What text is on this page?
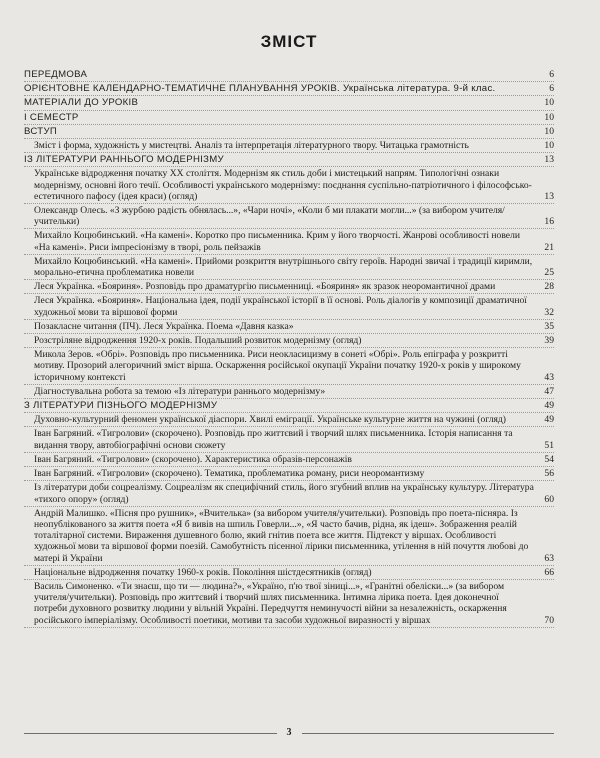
ЗМІСТ
ПЕРЕДМОВА	6
ОРІЄНТОВНЕ КАЛЕНДАРНО-ТЕМАТИЧНЕ ПЛАНУВАННЯ УРОКІВ. Українська література. 9-й клас.	6
МАТЕРІАЛИ ДО УРОКІВ	10
І СЕМЕСТР	10
ВСТУП	10
Зміст і форма, художність у мистецтві. Аналіз та інтерпретація літературного твору. Читацька грамотність	10
ІЗ ЛІТЕРАТУРИ РАННЬОГО МОДЕРНІЗМУ	13
Українське відродження початку ХХ століття. Модернізм як стиль доби і мистецький напрям. Типологічні ознаки модернізму, основні його течії. Особливості українського модернізму: поєднання суспільно-патріотичного і філософсько-естетичного пафосу (ідея краси) (огляд)	13
Олександр Олесь. «З журбою радість обнялась...», «Чари ночі», «Коли б ми плакати могли...» (за вибором учителя/учительки)	16
Михайло Коцюбинський. «На камені». Коротко про письменника. Крим у його творчості. Жанрові особливості новели «На камені». Риси імпресіонізму в творі, роль пейзажів	21
Михайло Коцюбинський. «На камені». Прийоми розкриття внутрішнього світу героїв. Народні звичаї і традиції киримли, морально-етична проблематика новели	25
Леся Українка. «Бояриня». Розповідь про драматургію письменниці. «Бояриня» як зразок неоромантичної драми	28
Леся Українка. «Бояриня». Національна ідея, події української історії в її основі. Роль діалогів у композиції драматичної художньої мови та віршової форми	32
Позакласне читання (ПЧ). Леся Українка. Поема «Давня казка»	35
Розстріляне відродження 1920-х років. Подальший розвиток модернізму (огляд)	39
Микола Зеров. «Обрі». Розповідь про письменника. Риси неокласицизму в сонеті «Обрі». Роль епіграфа у розкритті мотиву. Прозорий алегоричний зміст вірша. Оскарження російської окупації України початку 1920-х років у широкому історичному контексті	43
Діагностувальна робота за темою «Із літератури раннього модернізму»	47
З ЛІТЕРАТУРИ ПІЗНЬОГО МОДЕРНІЗМУ	49
Духовно-культурний феномен української діаспори. Хвилі еміграції. Українське культурне життя на чужині (огляд)	49
Іван Багряний. «Тигролови» (скорочено). Розповідь про життєвий і творчий шлях письменника. Історія написання та видання твору, автобіографічні основи сюжету	51
Іван Багряний. «Тигролови» (скорочено). Характеристика образів-персонажів	54
Іван Багряний. «Тигролови» (скорочено). Тематика, проблематика роману, риси неоромантизму	56
Із літератури доби соцреалізму. Соцреалізм як специфічний стиль, його згубний вплив на українську культуру. Література «тихого опору» (огляд)	60
Андрій Малишко. «Пісня про рушник», «Вчителька» (за вибором учителя/учительки). Розповідь про поета-пісняра. Із неопублікованого за життя поета «Я б вивів на шпиль Говерли...», «Я часто бачив, рідна, як ідеш». Зображення реалій тоталітарної системи. Вираження душевного болю, який гнітив поета все життя. Підтекст у віршах. Особливості художньої мови та віршової форми поезій. Самобутність пісенної лірики письменника, утілення в ній почуття любові до матері й України	63
Національне відродження початку 1960-х років. Покоління шістдесятників (огляд)	66
Василь Симоненко. «Ти знаєш, що ти — людина?», «Україно, п'ю твої зіниці...», «Гранітні обеліски...» (за вибором учителя/учительки). Розповідь про життєвий і творчий шлях письменника. Інтимна лірика поета. Ідея доконечної потреби духовного розвитку людини у вільній Україні. Передчуття неминучості війни за незалежність, оскарження російського імперіалізму. Особливості поетики, мотиви та засоби художньої виразності у віршах	70
3
